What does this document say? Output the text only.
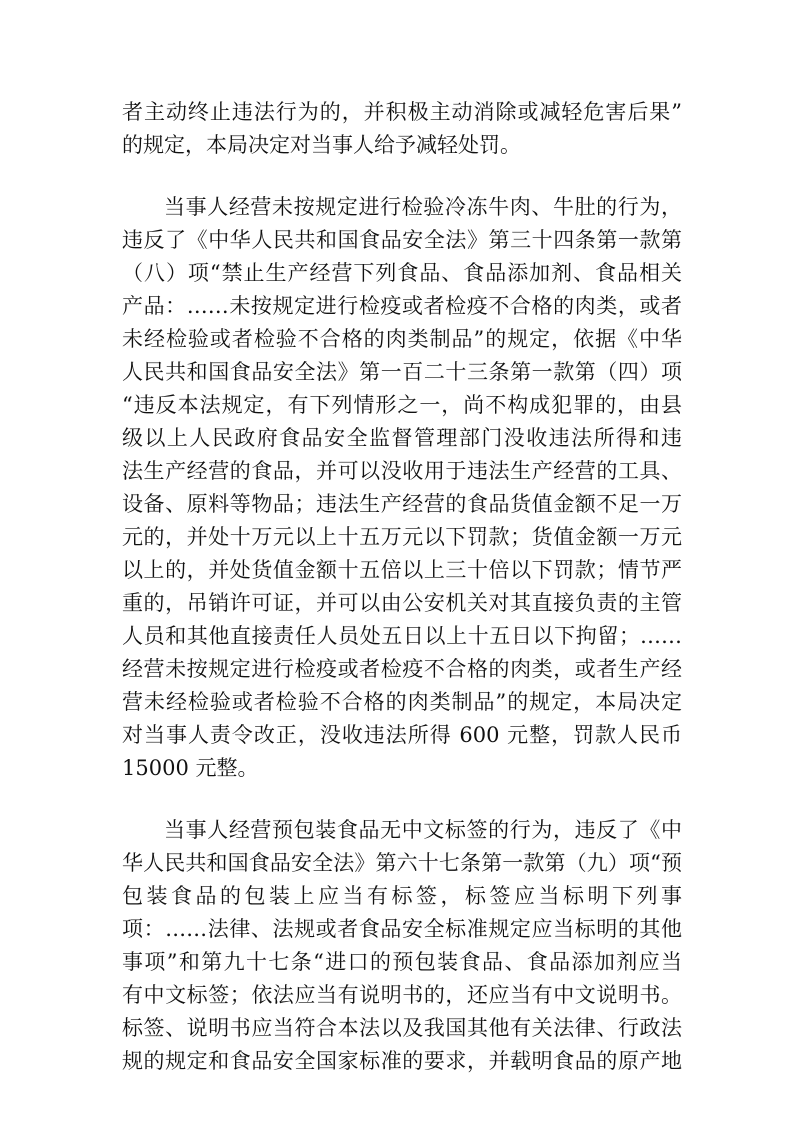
者主动终止违法行为的，并积极主动消除或减轻危害后果”
的规定，本局决定对当事人给予减轻处罚。
当事人经营未按规定进行检验冷冻牛肉、牛肚的行为，
违反了《中华人民共和国食品安全法》第三十四条第一款第
（八）项“禁止生产经营下列食品、食品添加剂、食品相关
产品：……未按规定进行检疫或者检疫不合格的肉类，或者
未经检验或者检验不合格的肉类制品”的规定，依据《中华
人民共和国食品安全法》第一百二十三条第一款第（四）项
“违反本法规定，有下列情形之一，尚不构成犯罪的，由县
级以上人民政府食品安全监督管理部门没收违法所得和违
法生产经营的食品，并可以没收用于违法生产经营的工具、
设备、原料等物品；违法生产经营的食品货值金额不足一万
元的，并处十万元以上十五万元以下罚款；货值金额一万元
以上的，并处货值金额十五倍以上三十倍以下罚款；情节严
重的，吊销许可证，并可以由公安机关对其直接负责的主管
人员和其他直接责任人员处五日以上十五日以下拘留；……
经营未按规定进行检疫或者检疫不合格的肉类，或者生产经
营未经检验或者检验不合格的肉类制品”的规定，本局决定
对当事人责令改正，没收违法所得 600 元整，罚款人民币
15000 元整。
当事人经营预包装食品无中文标签的行为，违反了《中
华人民共和国食品安全法》第六十七条第一款第（九）项“预
包装食品的包装上应当有标签，标签应当标明下列事
项：……法律、法规或者食品安全标准规定应当标明的其他
事项”和第九十七条“进口的预包装食品、食品添加剂应当
有中文标签；依法应当有说明书的，还应当有中文说明书。
标签、说明书应当符合本法以及我国其他有关法律、行政法
规的规定和食品安全国家标准的要求，并载明食品的原产地
